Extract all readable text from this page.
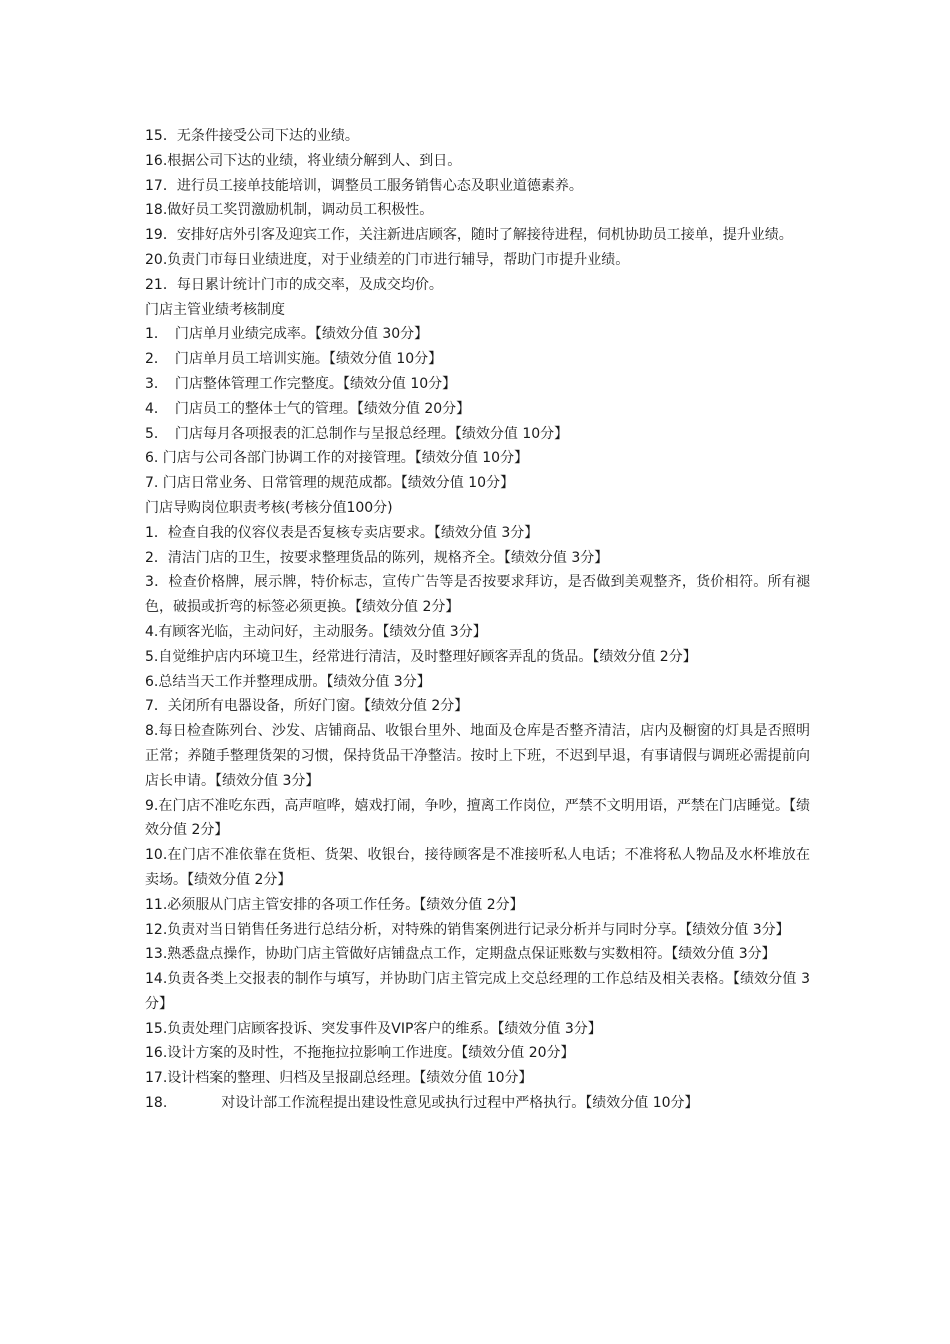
15．无条件接受公司下达的业绩。

16.根据公司下达的业绩，将业绩分解到人、到日。

17．进行员工接单技能培训，调整员工服务销售心态及职业道德素养。

18.做好员工奖罚激励机制，调动员工积极性。

19．安排好店外引客及迎宾工作，关注新进店顾客，随时了解接待进程，伺机协助员工接单，提升业绩。

20.负责门市每日业绩进度，对于业绩差的门市进行辅导，帮助门市提升业绩。

21．每日累计统计门市的成交率，及成交均价。

门店主管业绩考核制度

1．　门店单月业绩完成率。【绩效分值 30分】

2．　门店单月员工培训实施。【绩效分值 10分】

3．　门店整体管理工作完整度。【绩效分值 10分】

4．　门店员工的整体士气的管理。【绩效分值 20分】

5．　门店每月各项报表的汇总制作与呈报总经理。【绩效分值 10分】

6. 门店与公司各部门协调工作的对接管理。【绩效分值 10分】

7. 门店日常业务、日常管理的规范成都。【绩效分值 10分】

门店导购岗位职责考核(考核分值100分)

1．检查自我的仪容仪表是否复核专卖店要求。【绩效分值 3分】

2．清洁门店的卫生，按要求整理货品的陈列，规格齐全。【绩效分值 3分】

3．检查价格牌，展示牌，特价标志，宣传广告等是否按要求拜访，是否做到美观整齐，货价相符。所有褪色，破损或折弯的标签必须更换。【绩效分值 2分】

4.有顾客光临，主动问好，主动服务。【绩效分值 3分】

5.自觉维护店内环境卫生，经常进行清洁，及时整理好顾客弄乱的货品。【绩效分值 2分】

6.总结当天工作并整理成册。【绩效分值 3分】

7．关闭所有电器设备，所好门窗。【绩效分值 2分】

8.每日检查陈列台、沙发、店铺商品、收银台里外、地面及仓库是否整齐清洁，店内及橱窗的灯具是否照明正常；养随手整理货架的习惯，保持货品干净整洁。按时上下班，不迟到早退，有事请假与调班必需提前向店长申请。【绩效分值 3分】

9.在门店不准吃东西，高声喧哗，嬉戏打闹，争吵，擅离工作岗位，严禁不文明用语，严禁在门店睡觉。【绩效分值 2分】

10.在门店不准依靠在货柜、货架、收银台，接待顾客是不准接听私人电话；不准将私人物品及水杯堆放在卖场。【绩效分值 2分】

11.必须服从门店主管安排的各项工作任务。【绩效分值 2分】

12.负责对当日销售任务进行总结分析，对特殊的销售案例进行记录分析并与同时分享。【绩效分值 3分】

13.熟悉盘点操作，协助门店主管做好店铺盘点工作，定期盘点保证账数与实数相符。【绩效分值 3分】

14.负责各类上交报表的制作与填写，并协助门店主管完成上交总经理的工作总结及相关表格。【绩效分值 3分】

15.负责处理门店顾客投诉、突发事件及VIP客户的维系。【绩效分值 3分】

16.设计方案的及时性，不拖拖拉拉影响工作进度。【绩效分值 20分】

17.设计档案的整理、归档及呈报副总经理。【绩效分值 10分】

18.	对设计部工作流程提出建设性意见或执行过程中严格执行。【绩效分值 10分】
